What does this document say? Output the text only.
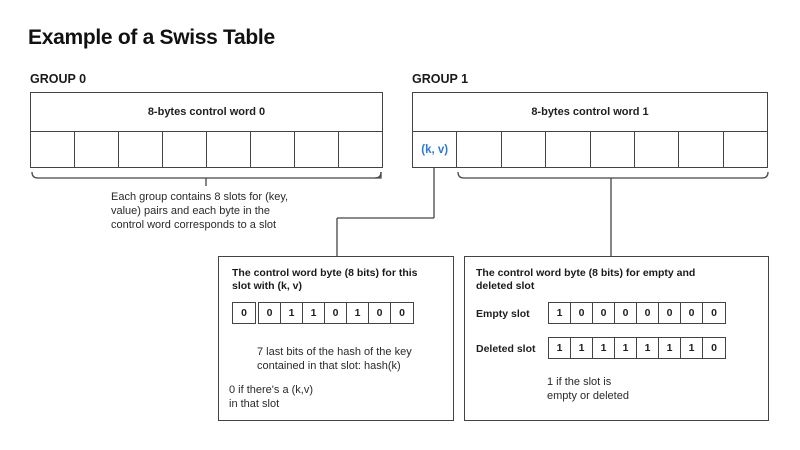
Example of a Swiss Table
GROUP 0
8-bytes control word 0
Each group contains 8 slots for (key,
value) pairs and each byte in the
control word corresponds to a slot
GROUP 1
8-bytes control word 1
(k, v)
The control word byte (8 bits) for this
slot with (k, v)
0	0	1	1	0	1	0	0
7 last bits of the hash of the key
contained in that slot: hash(k)
0 if there's a (k,v)
in that slot
The control word byte (8 bits) for empty and
deleted slot
Empty slot	1	0	0	0	0	0	0	0
Deleted slot	1	1	1	1	1	1	1	0
1 if the slot is
empty or deleted
